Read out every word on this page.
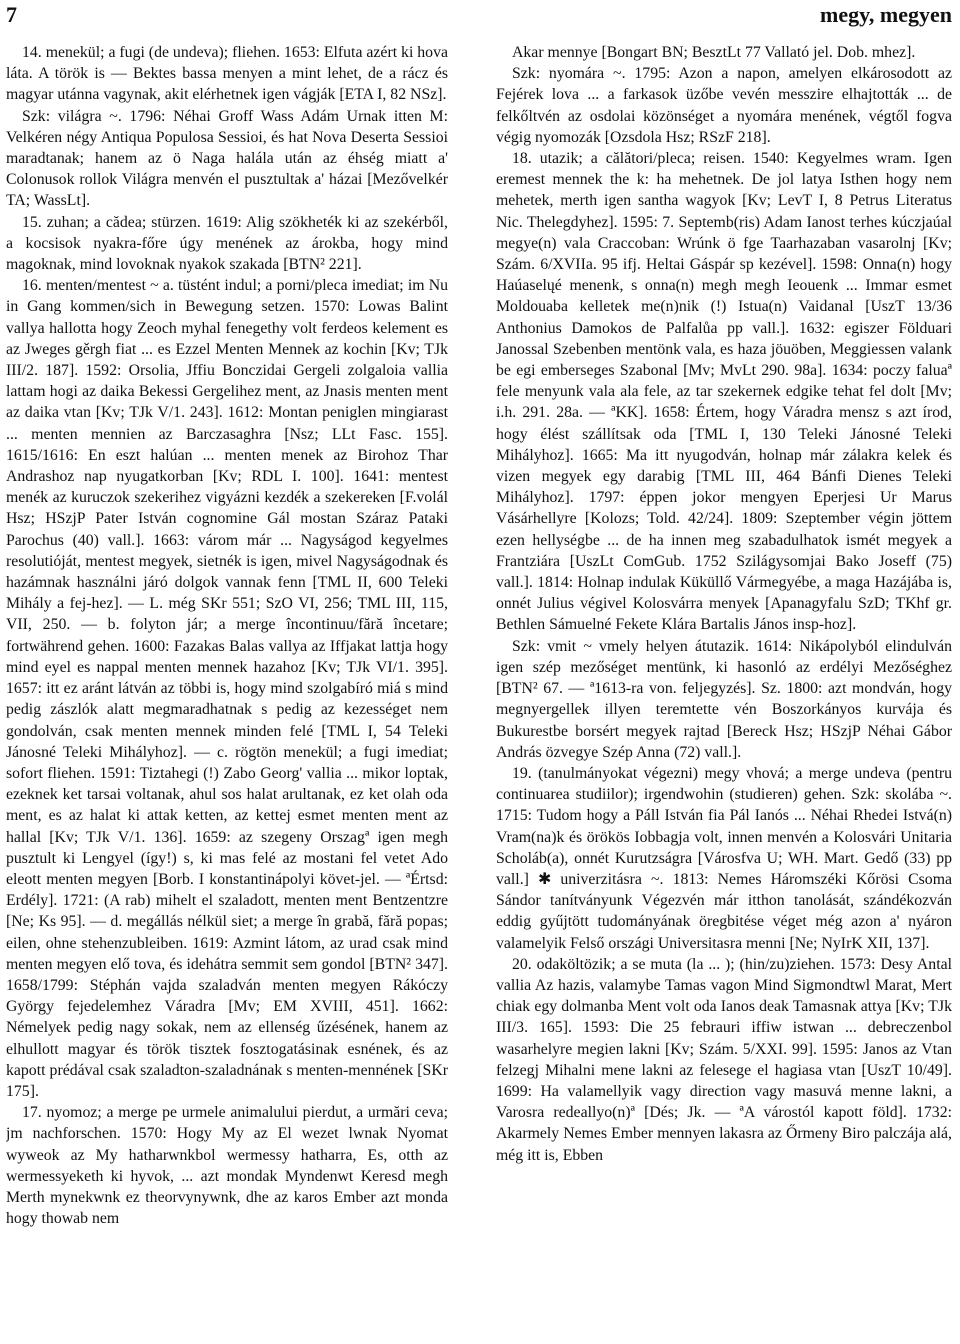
7	megy, megyen

14. menekül; a fugi (de undeva); fliehen. 1653: Elfuta azért ki hova láta. A török is — Bektes bassa menyen a mint lehet, de a rácz és magyar utánna vagynak, akit elérhetnek igen vágják [ETA I, 82 NSz].

Szk: világra ~. 1796: Néhai Groff Wass Adám Urnak itten M: Velkéren négy Antiqua Populosa Sessioi, és hat Nova Deserta Sessioi maradtanak; hanem az ö Naga halála után az éhség miatt a' Colonusok rollok Világra menvén el pusztultak a' házai [Mezővelkér TA; WassLt].

15. zuhan; a cădea; stürzen. 1619: Alig szökheték ki az szekérből, a kocsisok nyakra-főre úgy menének az árokba, hogy mind magoknak, mind lovoknak nyakok szakada [BTN² 221].

16. menten/mentest ~ a. tüstént indul; a porni/pleca imediat; im Nu in Gang kommen/sich in Bewegung setzen. 1570: Lowas Balint vallya hallotta hogy Zeoch myhal fenegethy volt ferdeos kelement es az Jweges gěrgh fiat ... es Ezzel Menten Mennek az kochin [Kv; TJk III/2. 187]. 1592: Orsolia, Jffiu Bonczidai Gergeli zolgaloia vallia lattam hogi az daika Bekessi Gergelihez ment, az Jnasis menten ment az daika vtan [Kv; TJk V/1. 243]. 1612: Montan peniglen mingiarast ... menten mennien az Barczasaghra [Nsz; LLt Fasc. 155]. 1615/1616: En eszt halúan ... menten menek az Birohoz Thar Andrashoz nap nyugatkorban [Kv; RDL I. 100]. 1641: mentest menék az kuruczok szekerihez vigyázni kezdék a szekereken [F.volál Hsz; HSzjP Pater István cognomine Gál mostan Száraz Pataki Parochus (40) vall.]. 1663: várom már ... Nagyságod kegyelmes resolutióját, mentest megyek, sietnék is igen, mivel Nagyságodnak és hazámnak használni járó dolgok vannak fenn [TML II, 600 Teleki Mihály a fej-hez]. — L. még SKr 551; SzO VI, 256; TML III, 115, VII, 250. — b. folyton jár; a merge încontinuu/fără încetare; fortwährend gehen. 1600: Fazakas Balas vallya az Iffjakat lattja hogy mind eyel es nappal menten mennek hazahoz [Kv; TJk VI/1. 395]. 1657: itt ez aránt látván az többi is, hogy mind szolgabíró miá s mind pedig zászlók alatt megmaradhatnak s pedig az kezességet nem gondolván, csak menten mennek minden felé [TML I, 54 Teleki Jánosné Teleki Mihályhoz]. — c. rögtön menekül; a fugi imediat; sofort fliehen. 1591: Tiztahegi (!) Zabo Georg' vallia ... mikor loptak, ezeknek ket tarsai voltanak, ahul sos halat arultanak, ez ket olah oda ment, es az halat ki attak ketten, az kettej esmet menten ment az hallal [Kv; TJk V/1. 136]. 1659: az szegeny Orszagª igen megh pusztult ki Lengyel (így!) s, ki mas felé az mostani fel vetet Ado eleott menten megyen [Borb. I konstantinápolyi követ-jel. — ªÉrtsd: Erdély]. 1721: (A rab) mihelt el szaladott, menten ment Bentzentzre [Ne; Ks 95]. — d. megállás nélkül siet; a merge în grabă, fără popas; eilen, ohne stehenzubleiben. 1619: Azmint látom, az urad csak mind menten megyen elő tova, és idehátra semmit sem gondol [BTN² 347]. 1658/1799: Stéphán vajda szaladván menten megyen Rákóczy György fejedelemhez Váradra [Mv; EM XVIII, 451]. 1662: Némelyek pedig nagy sokak, nem az ellenség űzésének, hanem az elhullott magyar és török tisztek fosztogatásinak esnének, és az kapott prédával csak szaladton-szaladnának s menten-mennének [SKr 175].

17. nyomoz; a merge pe urmele animalului pierdut, a urmări ceva; jm nachforschen. 1570: Hogy My az El wezet lwnak Nyomat wyweok az My hatharwnkbol wermessy hatharra, Es, otth az wermessyeketh ki hyvok, ... azt mondak Myndenwt Keresd megh Merth mynekwnk ez theorvynywnk, dhe az karos Ember azt monda hogy thowab nem

Akar mennye [Bongart BN; BesztLt 77 Vallató jel. Dob. mhez].

Szk: nyomára ~. 1795: Azon a napon, amelyen elkárosodott az Fejérek lova ... a farkasok üzőbe vevén messzire elhajtották ... de felkőltvén az osdolai közönséget a nyomára menének, végtől fogva végig nyomozák [Ozsdola Hsz; RSzF 218].

18. utazik; a călători/pleca; reisen. 1540: Kegyelmes wram. Igen eremest mennek the k: ha mehetnek. De jol latya Isthen hogy nem mehetek, merth igen santha wagyok [Kv; LevT I, 8 Petrus Literatus Nic. Thelegdyhez]. 1595: 7. Septemb(ris) Adam Ianost terhes kúczjaúal megye(n) vala Craccoban: Wrúnk ö fge Taarhazaban vasarolnj [Kv; Szám. 6/XVIIa. 95 ifj. Heltai Gáspár sp kezével]. 1598: Onna(n) hogy Haúaselųé menenk, s onna(n) megh megh Ieouenk ... Immar esmet Moldouaba kelletek me(n)nik (!) Istua(n) Vaidanal [UszT 13/36 Anthonius Damokos de Palfalůa pp vall.]. 1632: egiszer Földuari Janossal Szebenben mentönk vala, es haza jöuöben, Meggiessen valank be egi emberseges Szabonal [Mv; MvLt 290. 98a]. 1634: poczy faluaª fele menyunk vala ala fele, az tar szekernek edgike tehat fel dolt [Mv; i.h. 291. 28a. — ªKK]. 1658: Értem, hogy Váradra mensz s azt írod, hogy élést szállítsak oda [TML I, 130 Teleki Jánosné Teleki Mihályhoz]. 1665: Ma itt nyugodván, holnap már zálakra kelek és vizen megyek egy darabig [TML III, 464 Bánfi Dienes Teleki Mihályhoz]. 1797: éppen jokor mengyen Eperjesi Ur Marus Vásárhellyre [Kolozs; Told. 42/24]. 1809: Szeptember végin jöttem ezen hellységbe ... de ha innen meg szabadulhatok ismét megyek a Frantziára [UszLt ComGub. 1752 Szilágysomjai Bako Joseff (75) vall.]. 1814: Holnap indulak Küküllő Vármegyébe, a maga Hazájába is, onnét Julius végivel Kolosvárra menyek [Apanagyfalu SzD; TKhf gr. Bethlen Sámuelné Fekete Klára Bartalis János insp-hoz].

Szk: vmit ~ vmely helyen átutazik. 1614: Nikápolyból elindulván igen szép mezőséget mentünk, ki hasonló az erdélyi Mezőséghez [BTN² 67. — ª1613-ra von. feljegyzés]. Sz. 1800: azt mondván, hogy megnyergellek illyen teremtette vén Boszorkányos kurvája és Bukurestbe borsért megyek rajtad [Bereck Hsz; HSzjP Néhai Gábor András özvegye Szép Anna (72) vall.].

19. (tanulmányokat végezni) megy vhová; a merge undeva (pentru continuarea studiilor); irgendwohin (studieren) gehen. Szk: skolába ~. 1715: Tudom hogy a Páll István fia Pál Ianós ... Néhai Rhedei Istvá(n) Vram(na)k és örökös Iobbagja volt, innen menvén a Kolosvári Unitaria Scholáb(a), onnét Kurutzságra [Városfva U; WH. Mart. Gedő (33) pp vall.] ✱ univerzitásra ~. 1813: Nemes Háromszéki Kőrösi Csoma Sándor tanítványunk Végezvén már itthon tanolását, szándékozván eddig gyűjtött tudományának öregbitése véget még azon a' nyáron valamelyik Felső országi Universitasra menni [Ne; NyIrK XII, 137].

20. odaköltözik; a se muta (la ... ); (hin/zu)ziehen. 1573: Desy Antal vallia Az hazis, valamybe Tamas vagon Mind Sigmondtwl Marat, Mert chiak egy dolmanba Ment volt oda Ianos deak Tamasnak attya [Kv; TJk III/3. 165]. 1593: Die 25 febrauri iffiw istwan ... debreczenbol wasarhelyre megien lakni [Kv; Szám. 5/XXI. 99]. 1595: Janos az Vtan felzegj Mihalni mene lakni az felesege el hagiasa vtan [UszT 10/49]. 1699: Ha valamellyik vagy direction vagy masuvá menne lakni, a Varosra redeallyo(n)ª [Dés; Jk. — ªA várostól kapott föld]. 1732: Akarmely Nemes Ember mennyen lakasra az Őrmeny Biro palczája alá, még itt is, Ebben
